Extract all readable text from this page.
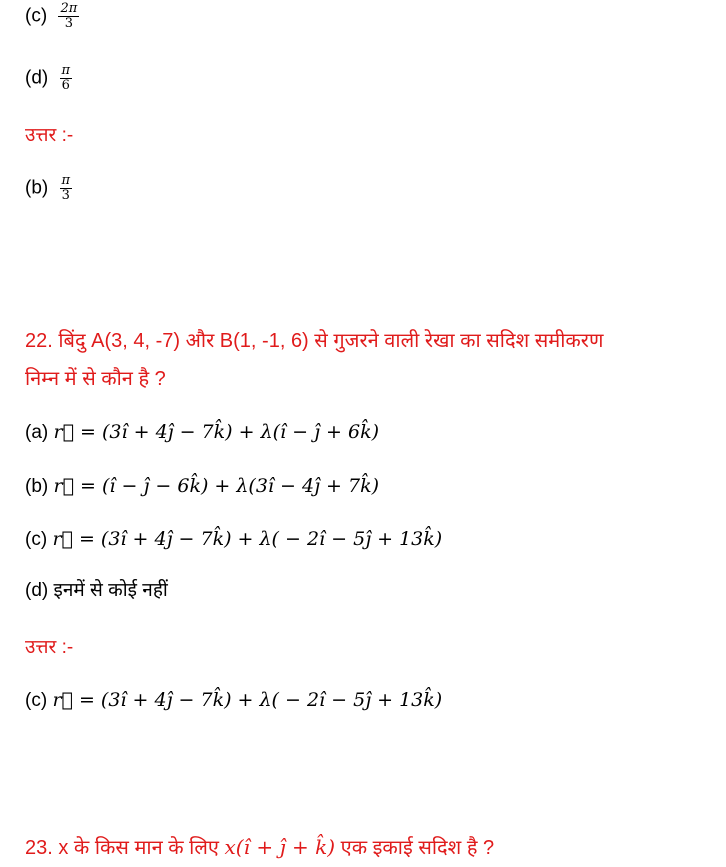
$(c) \frac{2\pi}{3}$
$(d) \frac{\pi}{6}$
उत्तर :-
$(b) \frac{\pi}{3}$
22. बिंदु A(3, 4, -7) और B(1, -1, 6) से गुजरने वाली रेखा का सदिश समीकरण
निम्न में से कौन है ?
(a) r⃗ = (3î + 4ĵ − 7k̂) + λ(î − ĵ + 6k̂)
(b) r⃗ = (î − ĵ − 6k̂) + λ(3î − 4ĵ + 7k̂)
(c) r⃗ = (3î + 4ĵ − 7k̂) + λ( − 2î − 5ĵ + 13k̂)
(d) इनमें से कोई नहीं
उत्तर :-
(c) r⃗ = (3î + 4ĵ − 7k̂) + λ( − 2î − 5ĵ + 13k̂)
23. x के किस मान के लिए x(î + ĵ + k̂) एक इकाई सदिश है ?
